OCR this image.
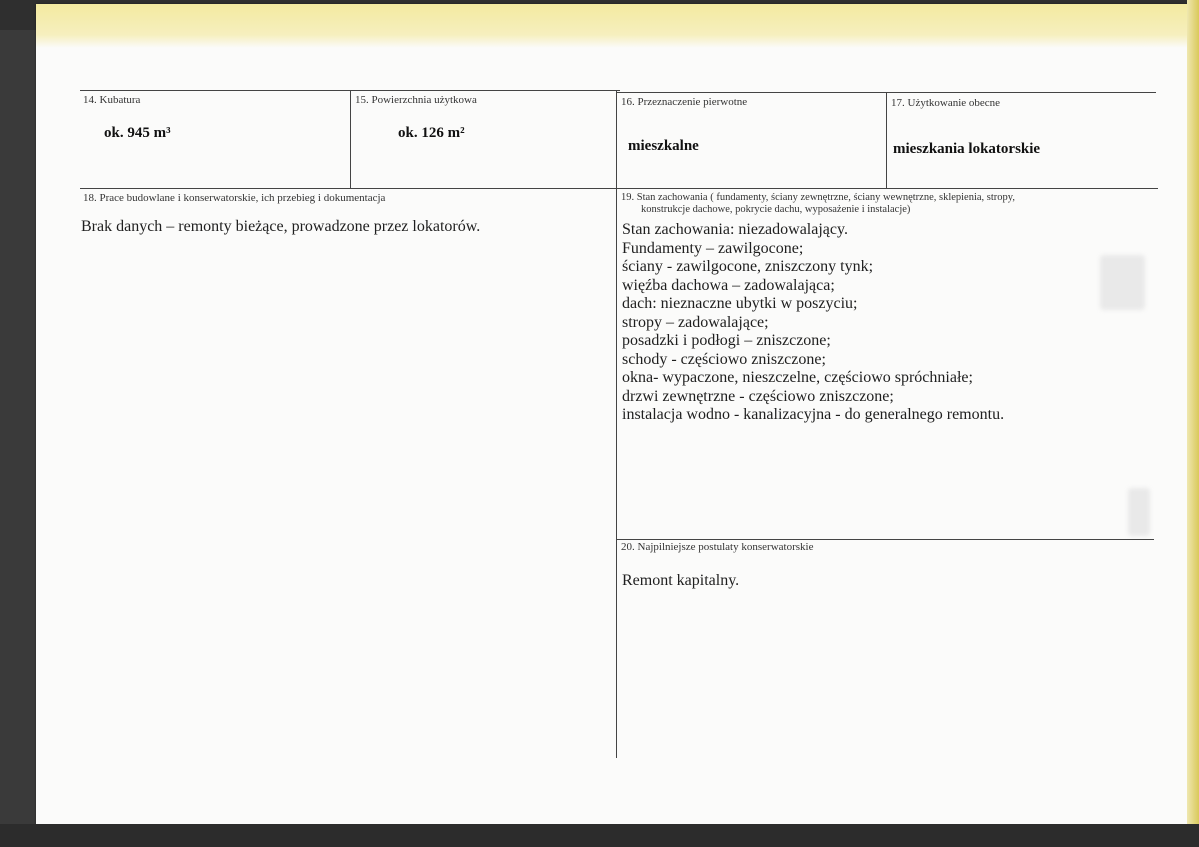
14. Kubatura
ok. 945 m³
15. Powierzchnia użytkowa
ok. 126 m²
16. Przeznaczenie pierwotne
mieszkalne
17. Użytkowanie obecne
mieszkania lokatorskie
18. Prace budowlane i konserwatorskie, ich przebieg i dokumentacja
Brak danych – remonty bieżące, prowadzone przez lokatorów.
19. Stan zachowania ( fundamenty, ściany zewnętrzne, ściany wewnętrzne, sklepienia, stropy,
konstrukcje dachowe, pokrycie dachu, wyposażenie i instalacje)
Stan zachowania: niezadowalający.
Fundamenty – zawilgocone;
ściany - zawilgocone, zniszczony tynk;
więźba dachowa – zadowalająca;
dach: nieznaczne ubytki w poszyciu;
stropy – zadowalające;
posadzki i podłogi – zniszczone;
schody - częściowo zniszczone;
okna- wypaczone, nieszczelne, częściowo spróchniałe;
drzwi zewnętrzne - częściowo zniszczone;
instalacja wodno - kanalizacyjna - do generalnego remontu.
20. Najpilniejsze postulaty konserwatorskie
Remont kapitalny.
